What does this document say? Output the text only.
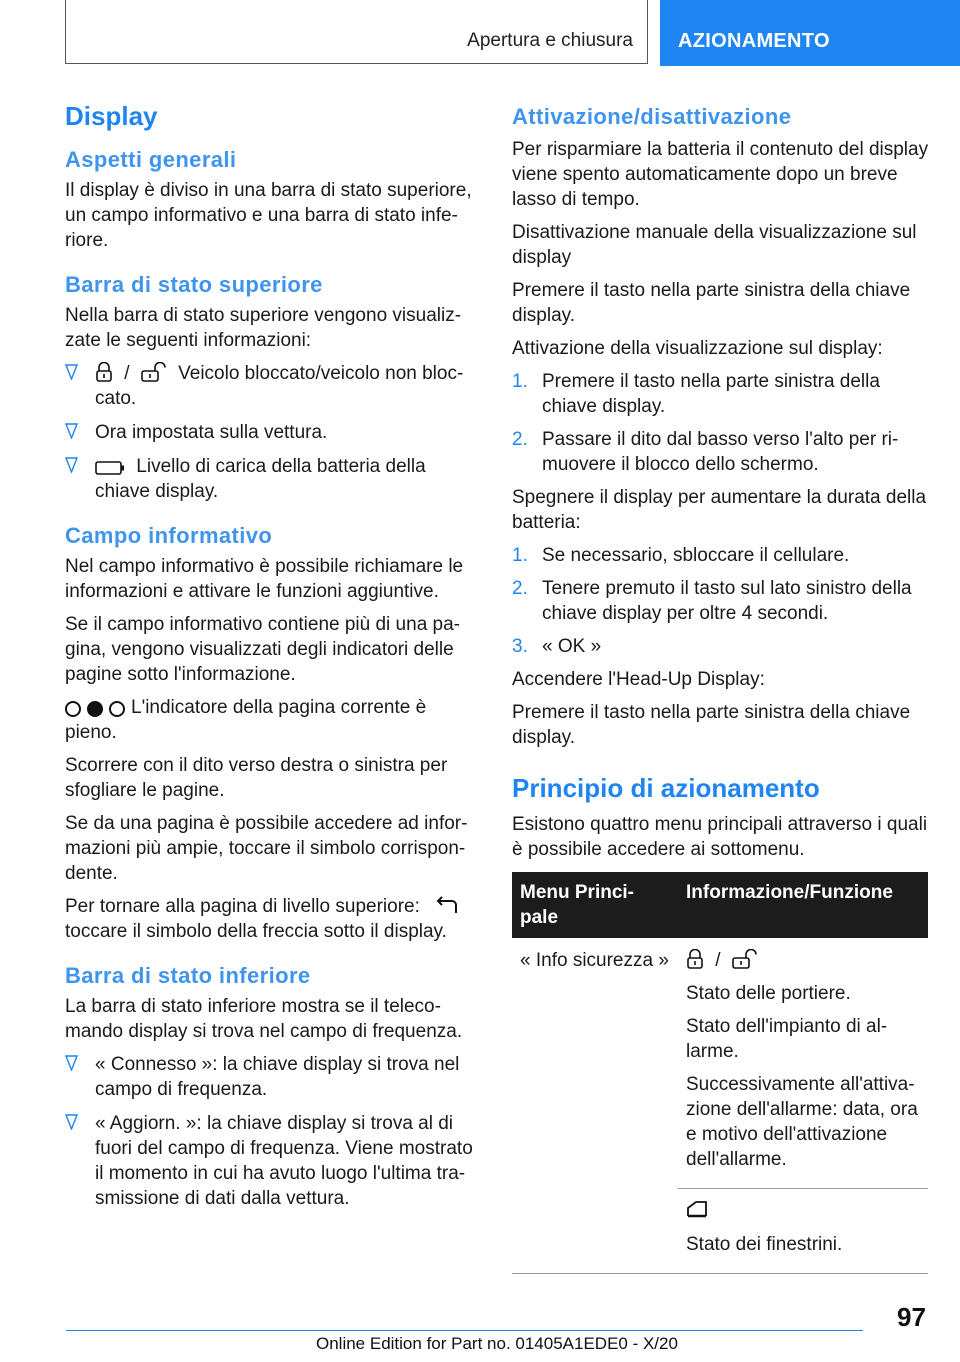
Apertura e chiusura AZIONAMENTO
Display
Aspetti generali

Il display è diviso in una barra di stato superiore, un campo informativo e una barra di stato infe-riore.

Barra di stato superiore

Nella barra di stato superiore vengono visualiz-zate le seguenti informazioni:

/	Veicolo bloccato/veicolo non bloc-cato.
Ora impostata sulla vettura.
Livello di carica della batteria della chiave display.
Campo informativo

Nel campo informativo è possibile richiamare le informazioni e attivare le funzioni aggiuntive.

Se il campo informativo contiene più di una pa-gina, vengono visualizzati degli indicatori delle pagine sotto l'informazione.

L'indicatore della pagina corrente è pieno.

Scorrere con il dito verso destra o sinistra per sfogliare le pagine.

Se da una pagina è possibile accedere ad infor-mazioni più ampie, toccare il simbolo corrispon-dente.

Per tornare alla pagina di livello superiore:
toccare il simbolo della freccia sotto il display.

Barra di stato inferiore

La barra di stato inferiore mostra se il teleco-mando display si trova nel campo di frequenza.

« Connesso »: la chiave display si trova nel campo di frequenza.
« Aggiorn. »: la chiave display si trova al di fuori del campo di frequenza. Viene mostrato il momento in cui ha avuto luogo l'ultima tra-smissione di dati dalla vettura.
Attivazione/disattivazione

Per risparmiare la batteria il contenuto del display viene spento automaticamente dopo un breve lasso di tempo.

Disattivazione manuale della visualizzazione sul display

Premere il tasto nella parte sinistra della chiave display.

Attivazione della visualizzazione sul display:

1. Premere il tasto nella parte sinistra della chiave display.
2. Passare il dito dal basso verso l'alto per ri-muovere il blocco dello schermo.

Spegnere il display per aumentare la durata della batteria:

1. Se necessario, sbloccare il cellulare.
2. Tenere premuto il tasto sul lato sinistro della chiave display per oltre 4 secondi.
3. « OK »

Accendere l'Head-Up Display:

Premere il tasto nella parte sinistra della chiave display.

Principio di azionamento

Esistono quattro menu principali attraverso i quali è possibile accedere ai sottomenu.

Menu Princi-pale	Informazione/Funzione
« Info sicurezza »	/

Stato delle portiere.

Stato dell'impianto di al-larme.

Successivamente all'attiva-zione dell'allarme: data, ora e motivo dell'attivazione dell'allarme.

	Stato dei finestrini.

97
Online Edition for Part no. 01405A1EDE0 - X/20
